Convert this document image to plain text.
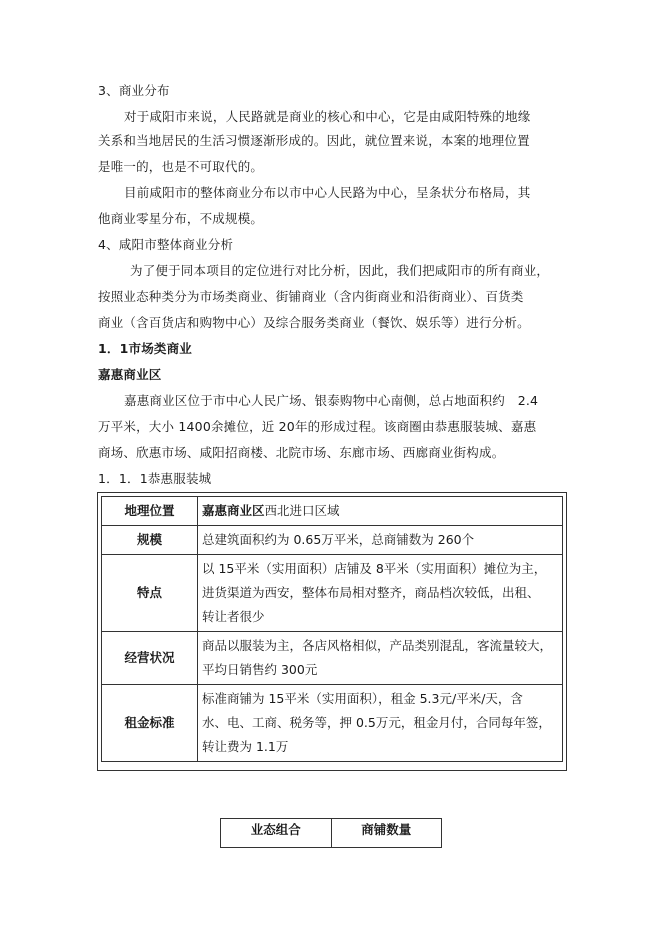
3、商业分布
对于咸阳市来说，人民路就是商业的核心和中心，它是由咸阳特殊的地缘
关系和当地居民的生活习惯逐渐形成的。因此，就位置来说，本案的地理位置
是唯一的，也是不可取代的。
目前咸阳市的整体商业分布以市中心人民路为中心，呈条状分布格局，其
他商业零星分布，不成规模。
4、咸阳市整体商业分析
为了便于同本项目的定位进行对比分析，因此，我们把咸阳市的所有商业，
按照业态种类分为市场类商业、街铺商业（含内街商业和沿街商业）、百货类
商业（含百货店和购物中心）及综合服务类商业（餐饮、娱乐等）进行分析。
1．1市场类商业
嘉惠商业区
嘉惠商业区位于市中心人民广场、银泰购物中心南侧，总占地面积约　2.4
万平米，大小 1400余摊位，近 20年的形成过程。该商圈由恭惠服装城、嘉惠
商场、欣惠市场、咸阳招商楼、北院市场、东廊市场、西廊商业街构成。
1．1．1恭惠服装城
地理位置	嘉惠商业区西北进口区域
规模	总建筑面积约为 0.65万平米，总商铺数为 260个
特点	以 15平米（实用面积）店铺及 8平米（实用面积）摊位为主，
进货渠道为西安，整体布局相对整齐，商品档次较低，出租、
转让者很少

经营状况	商品以服装为主，各店风格相似，产品类别混乱，客流量较大，
平均日销售约 300元

租金标准	标准商铺为 15平米（实用面积），租金 5.3元/平米/天，含
水、电、工商、税务等，押 0.5万元，租金月付，合同每年签，
转让费为 1.1万
业态组合	商铺数量
